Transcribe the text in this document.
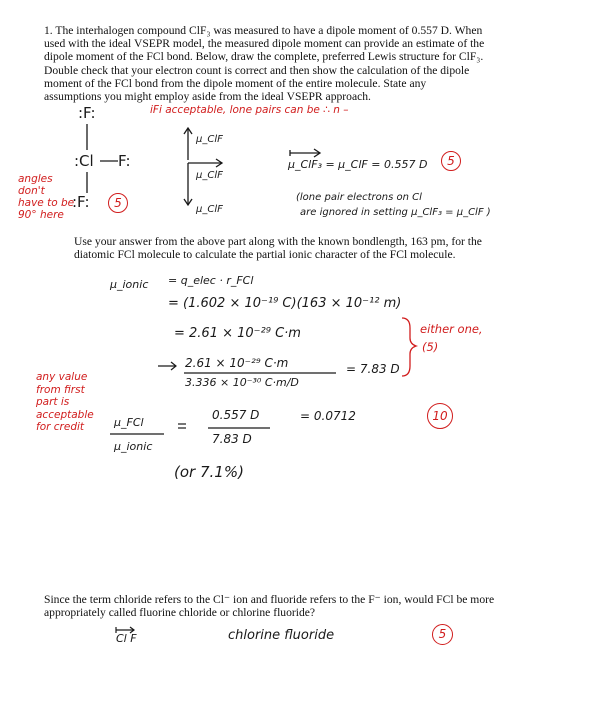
1. The interhalogen compound ClF₃ was measured to have a dipole moment of 0.557 D. When
used with the ideal VSEPR model, the measured dipole moment can provide an estimate of the
dipole moment of the FCl bond. Below, draw the complete, preferred Lewis structure for ClF₃.
Double check that your electron count is correct and then show the calculation of the dipole
moment of the FCl bond from the dipole moment of the entire molecule. State any
assumptions you might employ aside from the ideal VSEPR approach.
:F:
:Cl F:
:F:
iFi acceptable, lone pairs can be ∴ n –
angles
don't
have to be
90° here
μ_ClF
μ_ClF
μ_ClF
μ_ClF₃ = μ_ClF = 0.557 D
(lone pair electrons on Cl
are ignored in setting μ_ClF₃ = μ_ClF )
Use your answer from the above part along with the known bondlength, 163 pm, for the
diatomic FCl molecule to calculate the partial ionic character of the FCl molecule.
μ_ionic = q_elec · r_FCl
= (1.602 × 10⁻¹⁹ C)(163 × 10⁻¹² m)
= 2.61 × 10⁻²⁹ C·m
2.61 × 10⁻²⁹ C·m
3.336 × 10⁻³⁰ C·m/D
= 7.83 D
either one,
(5)
any value
from first
part is
acceptable
for credit	μ_FCl
μ_ionic
0.557 D
7.83 D
= 0.0712
(or 7.1%)
5
5
10
5
Since the term chloride refers to the Cl⁻ ion and fluoride refers to the F⁻ ion, would FCl be more
appropriately called fluorine chloride or chlorine fluoride?
Cl F	chlorine fluoride
